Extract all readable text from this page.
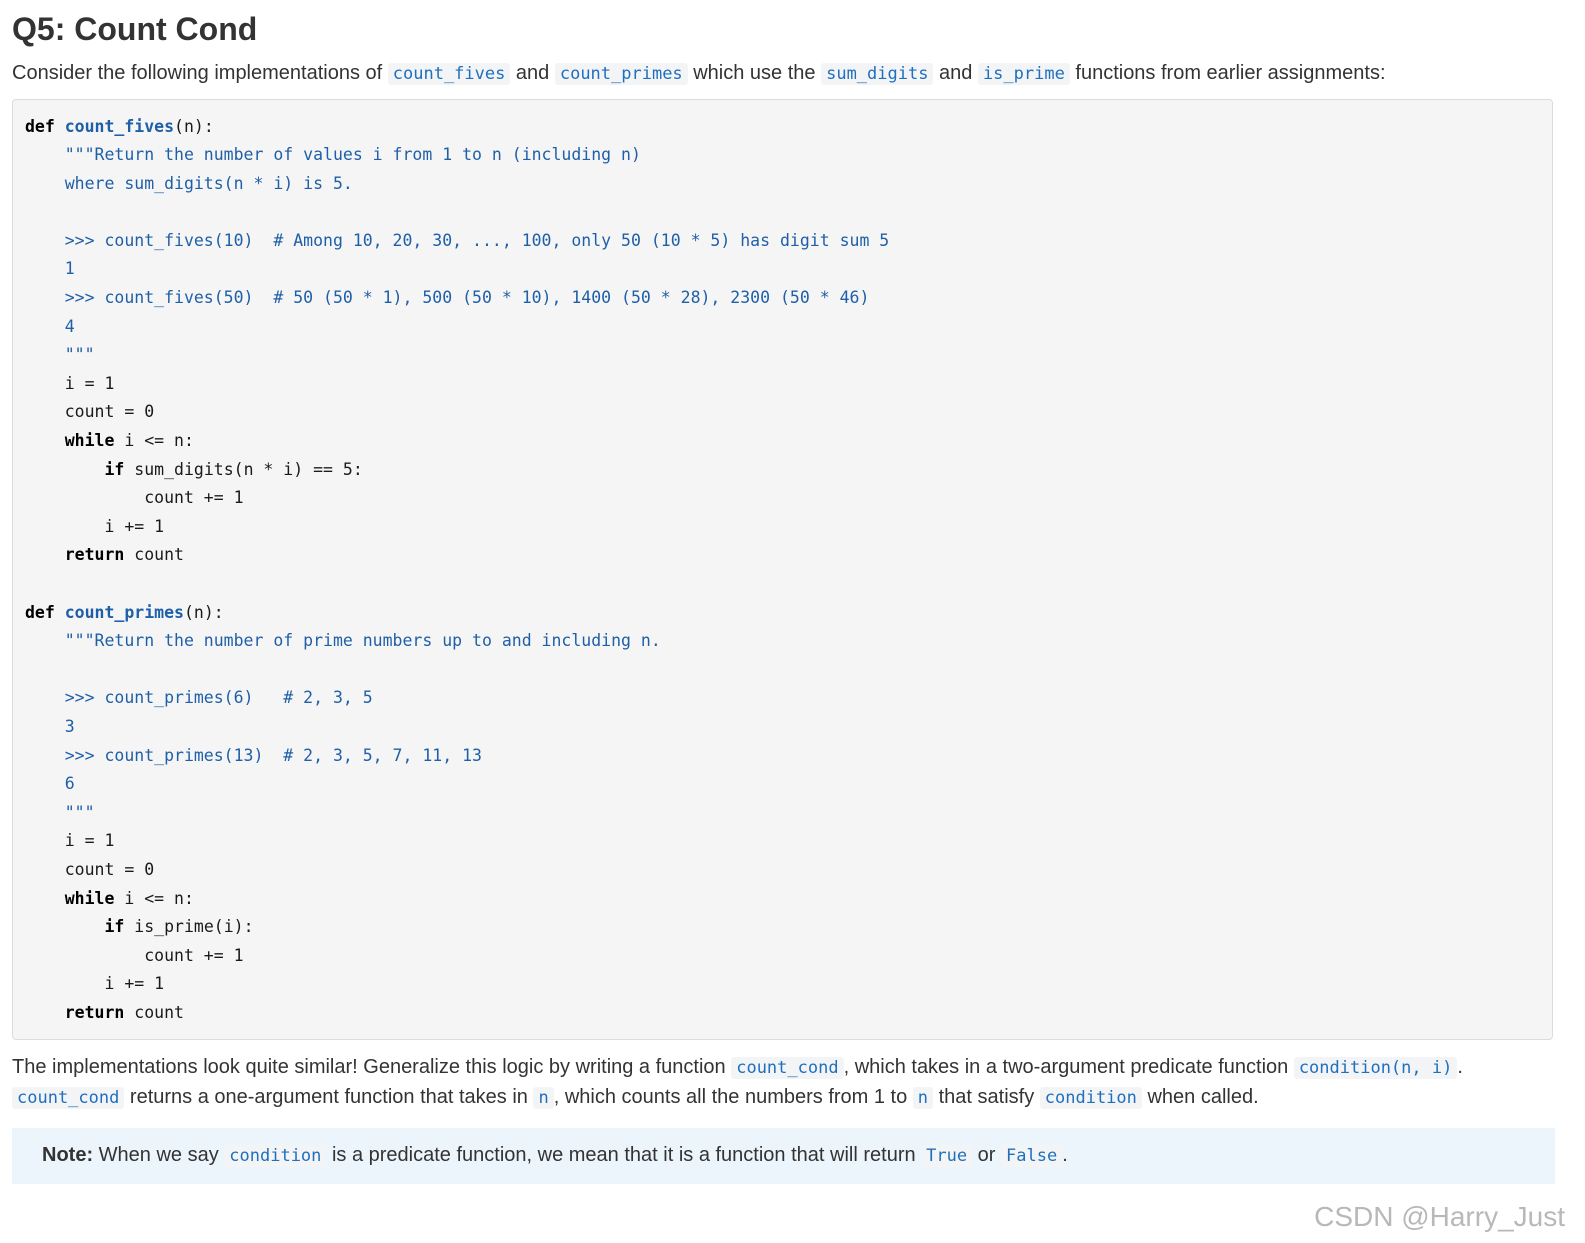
Q5: Count Cond

Consider the following implementations of count_fives and count_primes which use the sum_digits and is_prime functions from earlier assignments:

def count_fives(n):
"""Return the number of values i from 1 to n (including n)
where sum_digits(n * i) is 5.
>>> count_fives(10)  # Among 10, 20, 30, ..., 100, only 50 (10 * 5) has digit sum 5
1
>>> count_fives(50)  # 50 (50 * 1), 500 (50 * 10), 1400 (50 * 28), 2300 (50 * 46)
4
"""
i = 1
count = 0
while i <= n:
if sum_digits(n * i) == 5:
count += 1
i += 1
return count
def count_primes(n):
"""Return the number of prime numbers up to and including n.
>>> count_primes(6)   # 2, 3, 5
3
>>> count_primes(13)  # 2, 3, 5, 7, 11, 13
6
"""
i = 1
count = 0
while i <= n:
if is_prime(i):
count += 1
i += 1
return count

The implementations look quite similar! Generalize this logic by writing a function count_cond , which takes in a two-argument predicate function condition(n, i) . count_cond returns a one-argument function that takes in n , which counts all the numbers from 1 to n that satisfy condition when called.

Note: When we say condition is a predicate function, we mean that it is a function that will return True or False .
CSDN @Harry_Just
